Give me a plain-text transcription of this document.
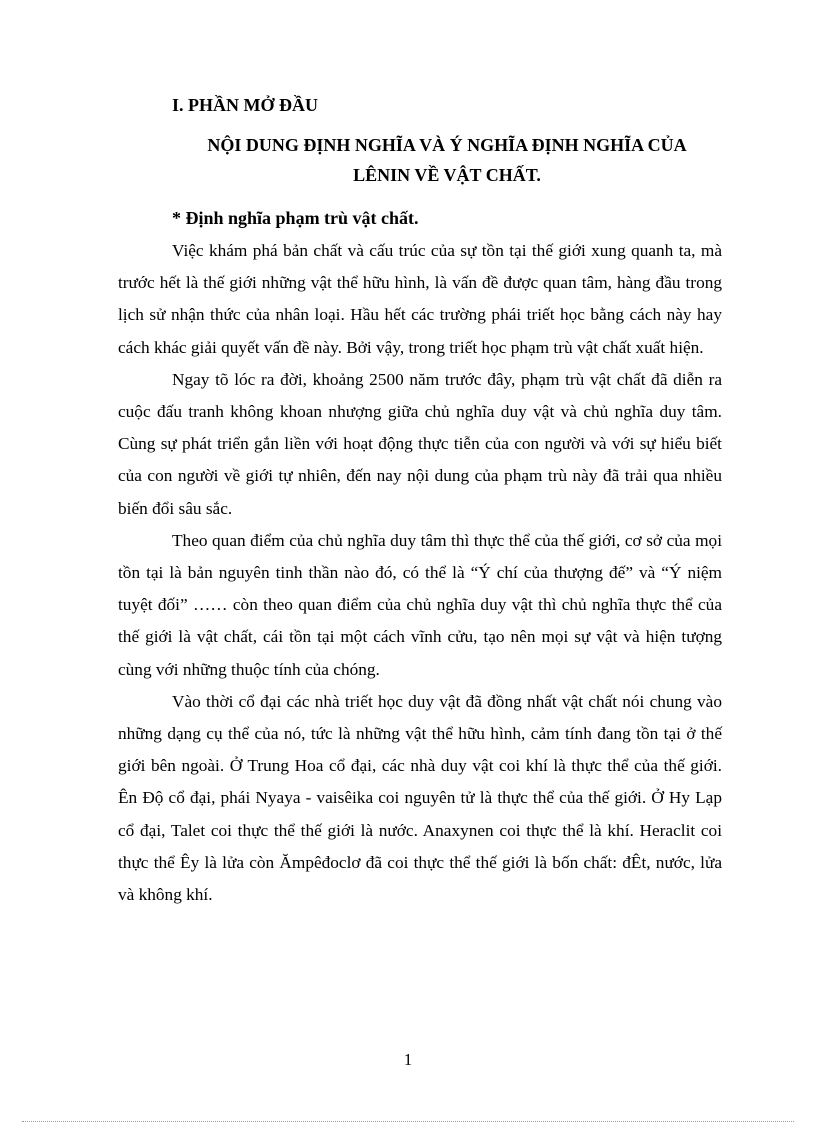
I. PHẦN MỞ ĐẦU
NỘI DUNG ĐỊNH NGHĨA VÀ Ý NGHĨA ĐỊNH NGHĨA CỦA
LÊNIN VỀ VẬT CHẤT.
* Định nghĩa phạm trù vật chất.

Việc khám phá bản chất và cấu trúc của sự tồn tại thế giới xung quanh ta, mà trước hết là thế giới những vật thể hữu hình, là vấn đề được quan tâm, hàng đầu trong lịch sử nhận thức của nhân loại. Hầu hết các trường phái triết học bằng cách này hay cách khác giải quyết vấn đề này. Bởi vậy, trong triết học phạm trù vật chất xuất hiện.

Ngay tõ lóc ra đời, khoảng 2500 năm trước đây, phạm trù vật chất đã diễn ra cuộc đấu tranh không khoan nhượng giữa chủ nghĩa duy vật và chủ nghĩa duy tâm. Cùng sự phát triển gắn liền với hoạt động thực tiễn của con người và với sự hiểu biết của con người về giới tự nhiên, đến nay nội dung của phạm trù này đã trải qua nhiều biến đổi sâu sắc.

Theo quan điểm của chủ nghĩa duy tâm thì thực thể của thế giới, cơ sở của mọi tồn tại là bản nguyên tinh thần nào đó, có thể là “Ý chí của thượng đế” và “Ý niệm tuyệt đối” …… còn theo quan điểm của chủ nghĩa duy vật thì chủ nghĩa thực thể của thế giới là vật chất, cái tồn tại một cách vĩnh cửu, tạo nên mọi sự vật và hiện tượng cùng với những thuộc tính của chóng.

Vào thời cổ đại các nhà triết học duy vật đã đồng nhất vật chất nói chung vào những dạng cụ thể của nó, tức là những vật thể hữu hình, cảm tính đang tồn tại ở thế giới bên ngoài. Ở Trung Hoa cổ đại, các nhà duy vật coi khí là thực thể của thế giới. Ên Độ cổ đại, phái Nyaya - vaisêika coi nguyên tử là thực thể của thế giới. Ở Hy Lạp cổ đại, Talet coi thực thể thế giới là nước. Anaxynen coi thực thể là khí. Heraclit coi thực thể Êy là lửa còn Ămpêđoclơ đã coi thực thể thế giới là bốn chất: đÊt, nước, lửa và không khí.

1
